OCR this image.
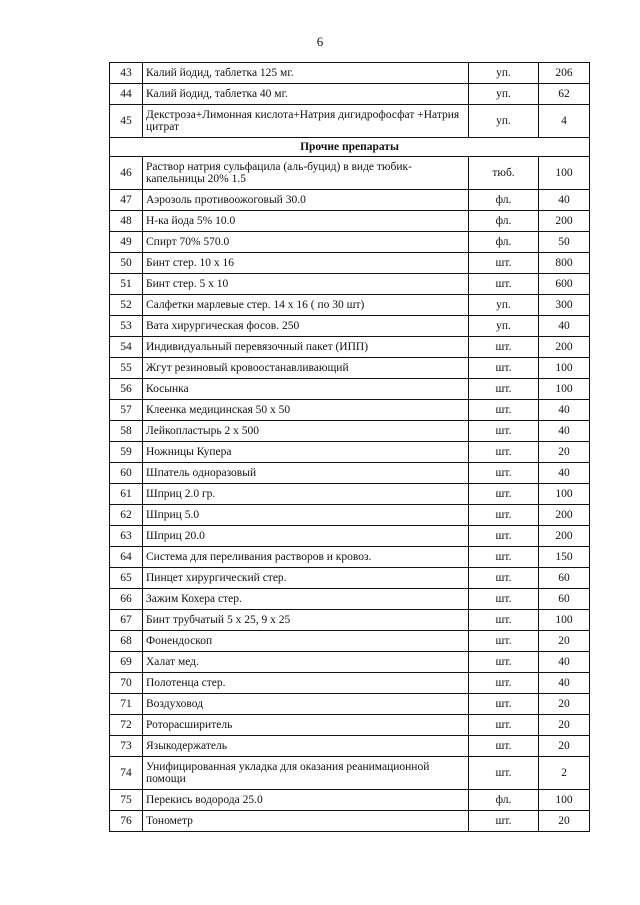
6
43	Калий йодид, таблетка 125 мг.	уп.	206
44	Калий йодид, таблетка 40 мг.	уп.	62
45	Декстроза+Лимонная кислота+Натрия дигидрофосфат +Натрия цитрат	уп.	4
Прочие препараты			
46	Раствор натрия сульфацила (аль-буцид) в виде тюбик-капельницы 20% 1.5	тюб.	100
47	Аэрозоль противоожоговый 30.0	фл.	40
48	Н-ка йода 5% 10.0	фл.	200
49	Спирт 70% 570.0	фл.	50
50	Бинт стер. 10 х 16	шт.	800
51	Бинт стер. 5 х 10	шт.	600
52	Салфетки марлевые стер. 14 х 16 ( по 30 шт)	уп.	300
53	Вата хирургическая фосов. 250	уп.	40
54	Индивидуальный перевязочный пакет (ИПП)	шт.	200
55	Жгут резиновый кровоостанавливающий	шт.	100
56	Косынка	шт.	100
57	Клеенка медицинская 50 х 50	шт.	40
58	Лейкопластырь 2 х 500	шт.	40
59	Ножницы Купера	шт.	20
60	Шпатель одноразовый	шт.	40
61	Шприц 2.0 гр.	шт.	100
62	Шприц 5.0	шт.	200
63	Шприц 20.0	шт.	200
64	Система для переливания растворов и кровоз.	шт.	150
65	Пинцет хирургический стер.	шт.	60
66	Зажим Кохера стер.	шт.	60
67	Бинт трубчатый 5 х 25, 9 х 25	шт.	100
68	Фонендоскоп	шт.	20
69	Халат мед.	шт.	40
70	Полотенца стер.	шт.	40
71	Воздуховод	шт.	20
72	Роторасширитель	шт.	20
73	Языкодержатель	шт.	20
74	Унифицированная укладка для оказания реанимационной помощи	шт.	2
75	Перекись водорода 25.0	фл.	100
76	Тонометр	шт.	20
